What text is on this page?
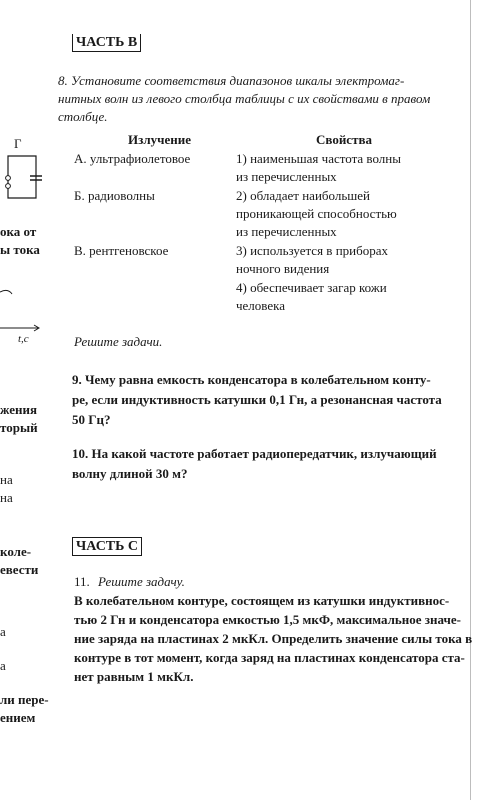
Г
ока от
ы тока
t,c
жения
торый
на
на
коле-
евести
а
а
ли пере-
ением
ЧАСТЬ В

8. Установите соответствия диапазонов шкалы электромаг-

нитных волн из левого столбца таблицы с их свойствами в правом

столбце.

Излучение	Свойства
А. ультрафиолетовое
Б. радиоволны
В. рентгеновское
1) наименьшая частота волны
из перечисленных
2) обладает наибольшей
проникающей способностью
из перечисленных
3) используется в приборах
ночного видения
4) обеспечивает загар кожи
человека
Решите задачи.
9. Чему равна емкость конденсатора в колебательном конту-
ре, если индуктивность катушки 0,1 Гн, а резонансная частота
50 Гц?
10. На какой частоте работает радиопередатчик, излучающий
волну длиной 30 м?
ЧАСТЬ С
11. Решите задачу.
В колебательном контуре, состоящем из катушки индуктивнос-
тью 2 Гн и конденсатора емкостью 1,5 мкФ, максимальное значе-
ние заряда на пластинах 2 мкКл. Определить значение силы тока в
контуре в тот момент, когда заряд на пластинах конденсатора ста-
нет равным 1 мкКл.
